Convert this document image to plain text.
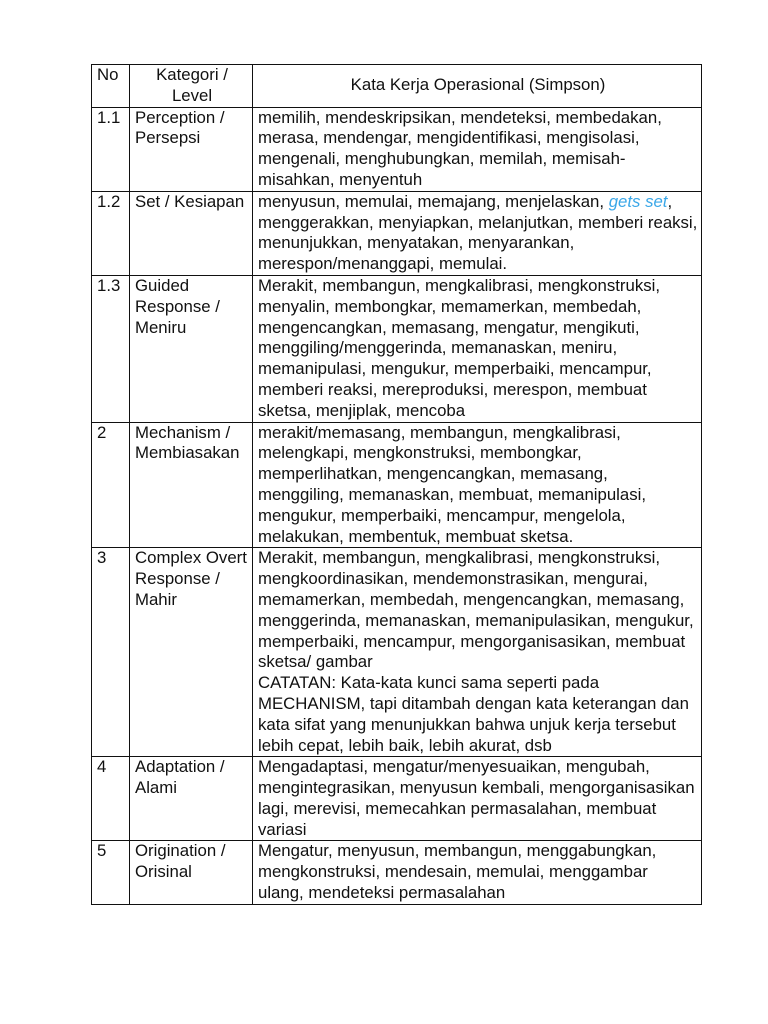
No	Kategori / Level	Kata Kerja Operasional (Simpson)
1.1	Perception / Persepsi	memilih, mendeskripsikan, mendeteksi, membedakan, merasa, mendengar, mengidentifikasi, mengisolasi, mengenali, menghubungkan, memilah, memisah-misahkan, menyentuh
1.2	Set / Kesiapan	menyusun, memulai, memajang, menjelaskan, gets set, menggerakkan, menyiapkan, melanjutkan, memberi reaksi, menunjukkan, menyatakan, menyarankan, merespon/menanggapi, memulai.
1.3	Guided Response / Meniru	Merakit, membangun, mengkalibrasi, mengkonstruksi, menyalin, membongkar, memamerkan, membedah, mengencangkan, memasang, mengatur, mengikuti, menggiling/menggerinda, memanaskan, meniru, memanipulasi, mengukur, memperbaiki, mencampur, memberi reaksi, mereproduksi, merespon, membuat sketsa, menjiplak, mencoba
2	Mechanism / Membiasakan	merakit/memasang, membangun, mengkalibrasi, melengkapi, mengkonstruksi, membongkar, memperlihatkan, mengencangkan, memasang, menggiling, memanaskan, membuat, memanipulasi, mengukur, memperbaiki, mencampur, mengelola, melakukan, membentuk, membuat sketsa.
3	Complex Overt Response / Mahir	Merakit, membangun, mengkalibrasi, mengkonstruksi, mengkoordinasikan, mendemonstrasikan, mengurai, memamerkan, membedah, mengencangkan, memasang, menggerinda, memanaskan, memanipulasikan, mengukur, memperbaiki, mencampur, mengorganisasikan, membuat sketsa/ gambar
CATATAN: Kata-kata kunci sama seperti pada MECHANISM, tapi ditambah dengan kata keterangan dan kata sifat yang menunjukkan bahwa unjuk kerja tersebut lebih cepat, lebih baik, lebih akurat, dsb

4	Adaptation / Alami	Mengadaptasi, mengatur/menyesuaikan, mengubah, mengintegrasikan, menyusun kembali, mengorganisasikan lagi, merevisi, memecahkan permasalahan, membuat variasi
5	Origination / Orisinal	Mengatur, menyusun, membangun, menggabungkan, mengkonstruksi, mendesain, memulai, menggambar ulang, mendeteksi permasalahan
